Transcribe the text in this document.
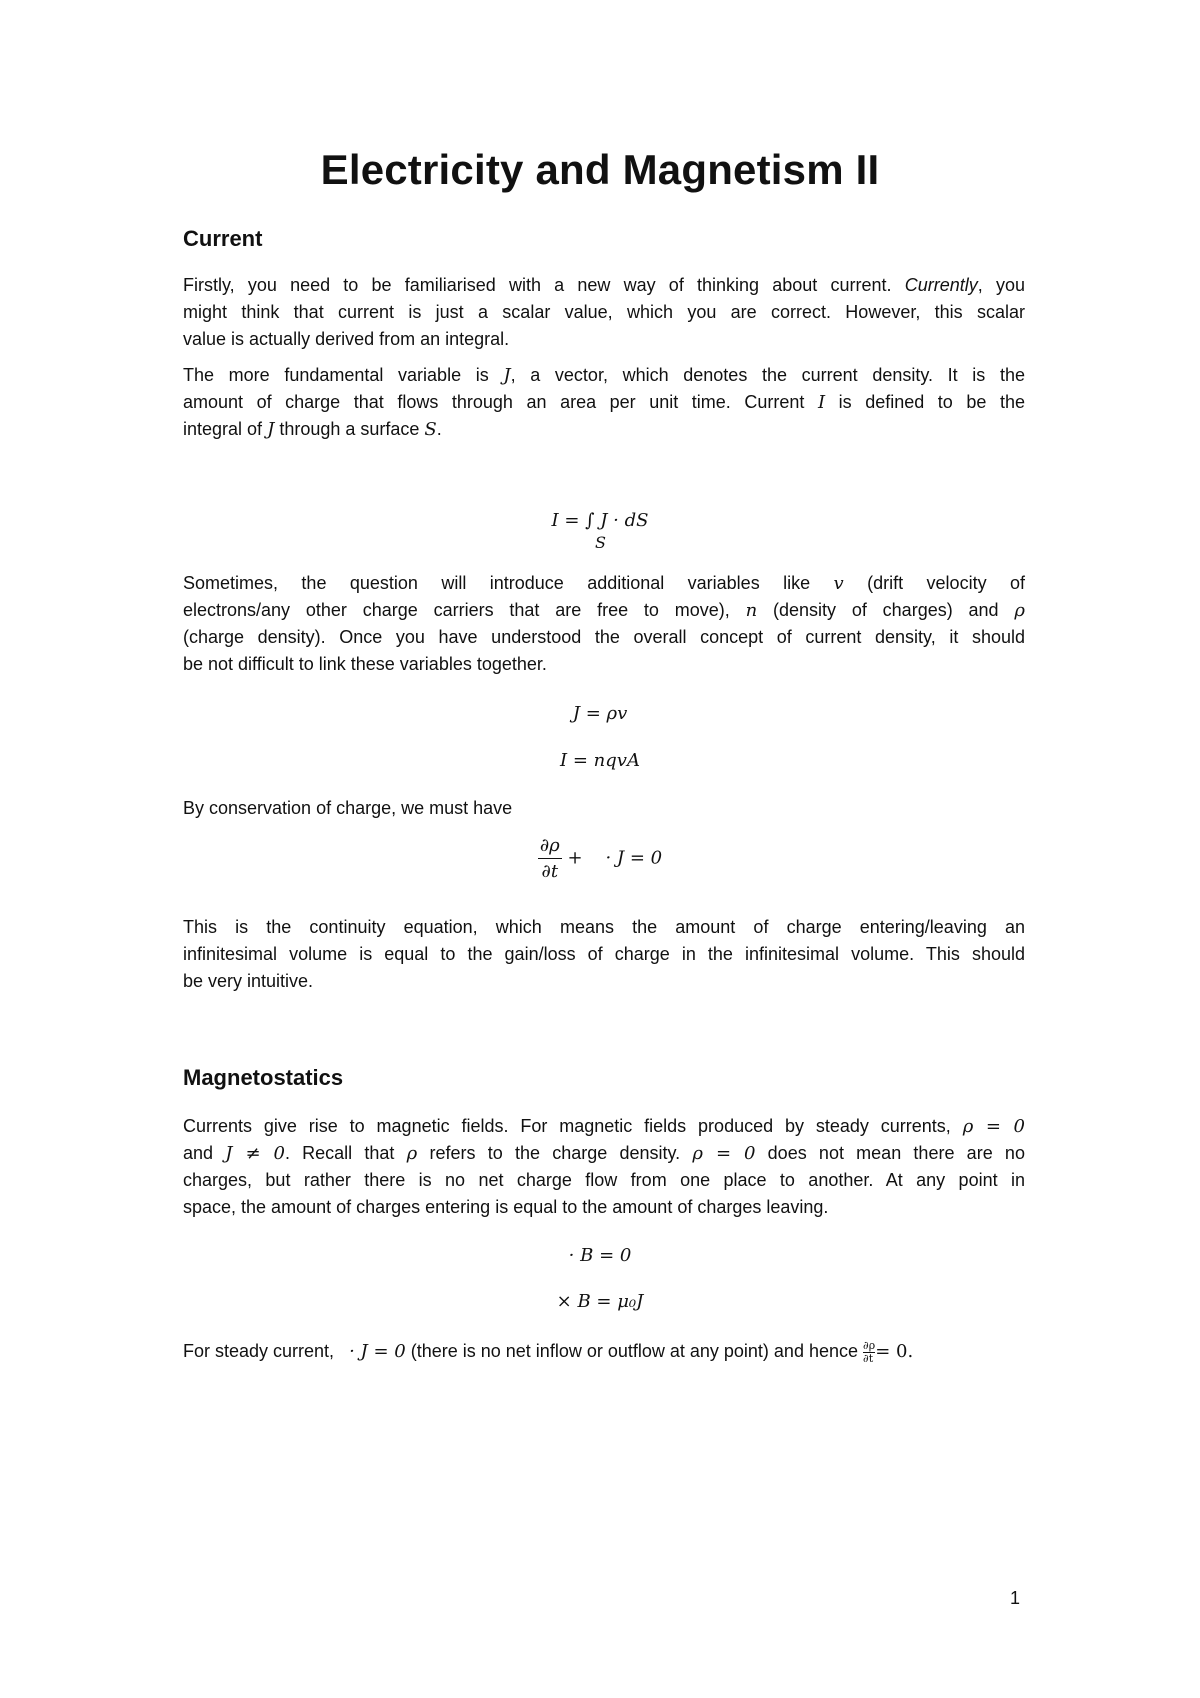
Electricity and Magnetism II
Current
Firstly, you need to be familiarised with a new way of thinking about current. Currently, you
might think that current is just a scalar value, which you are correct. However, this scalar
value is actually derived from an integral.
The more fundamental variable is J, a vector, which denotes the current density. It is the
amount of charge that flows through an area per unit time. Current I is defined to be the
integral of J through a surface S.
I = ∫ J · dS
S
Sometimes, the question will introduce additional variables like v (drift velocity of
electrons/any other charge carriers that are free to move), n (density of charges) and ρ
(charge density). Once you have understood the overall concept of current density, it should
be not difficult to link these variables together.
J = ρv
I = nqvA
By conservation of charge, we must have
$\frac{\partial\rho}{\partial t}$ +    · J = 0
This is the continuity equation, which means the amount of charge entering/leaving an
infinitesimal volume is equal to the gain/loss of charge in the infinitesimal volume. This should
be very intuitive.
Magnetostatics
Currents give rise to magnetic fields. For magnetic fields produced by steady currents, ρ = 0
and J ≠ 0. Recall that ρ refers to the charge density. ρ = 0 does not mean there are no
charges, but rather there is no net charge flow from one place to another. At any point in
space, the amount of charges entering is equal to the amount of charges leaving.
· B = 0
× B = μ₀J
For steady current, · J = 0 (there is no net inflow or outflow at any point) and hence $\frac{\partial\rho}{\partial t} = 0$.
1
